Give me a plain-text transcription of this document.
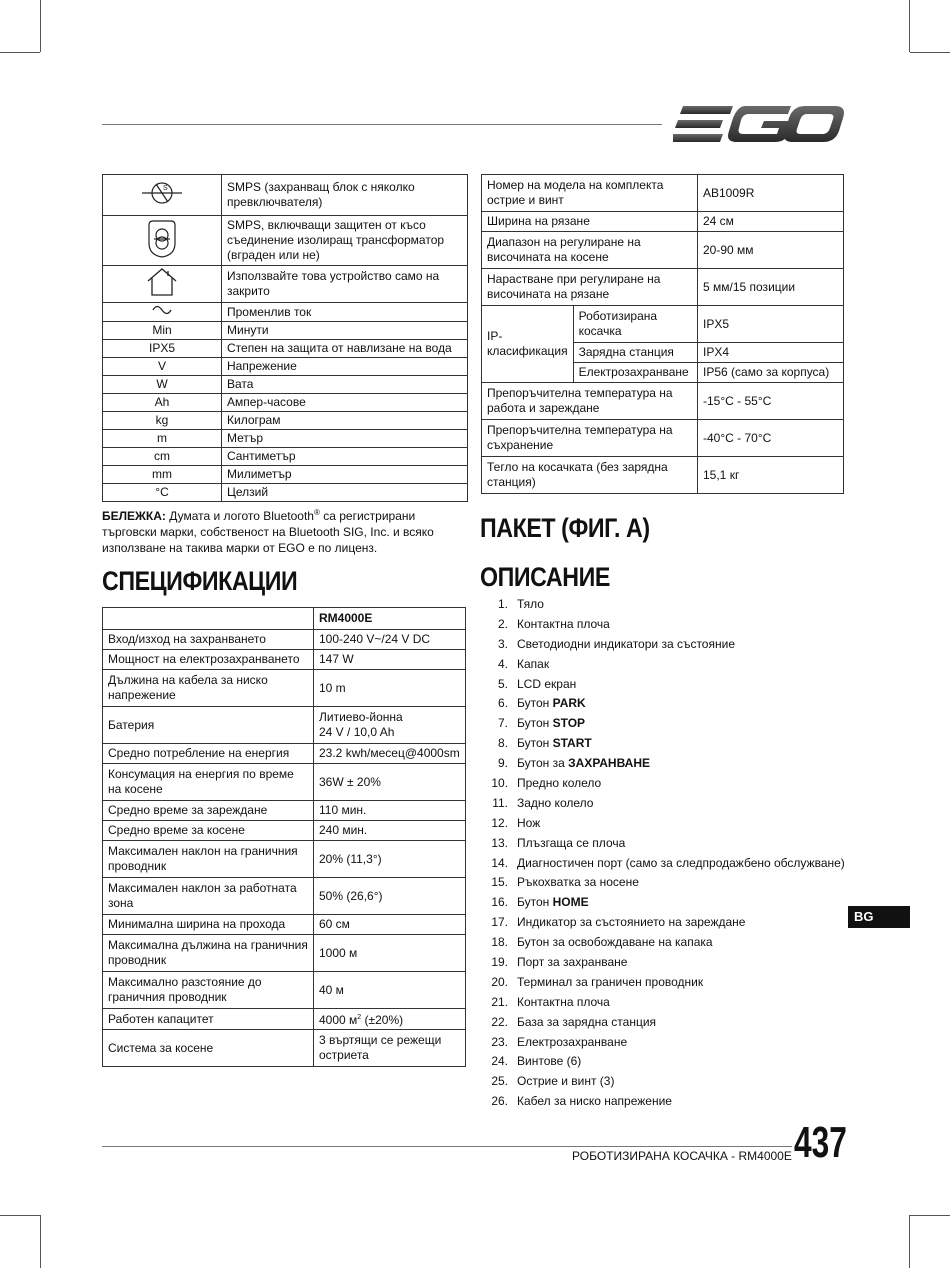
S	SMPS (захранващ блок с няколко превключвателя)

	SMPS, включващи защитен от късо съединение изолиращ трансформатор (вграден или не)

	Използвайте това устройство само на закрито

	Променлив ток
Min	Минути
IPX5	Степен на защита от навлизане на вода
V	Напрежение
W	Вата
Ah	Ампер-часове
kg	Килограм
m	Метър
cm	Сантиметър
mm	Милиметър
°C	Целзий
БЕЛЕЖКА: Думата и логото Bluetooth® са регистрирани търговски марки, собственост на Bluetooth SIG, Inc. и всяко използване на такива марки от EGO е по лиценз.
СПЕЦИФИКАЦИИ
	RM4000E
Вход/изход на захранването	100-240 V~/24 V DC
Мощност на електрозахранването	147 W
Дължина на кабела за ниско напрежение	10 m
Батерия	Литиево-йонна
24 V / 10,0 Ah
Средно потребление на енергия	23.2 kwh/месец@4000sm
Консумация на енергия по време на косене	36W ± 20%
Средно време за зареждане	110 мин.
Средно време за косене	240 мин.
Максимален наклон на граничния проводник	20% (11,3°)
Максимален наклон за работната зона	50% (26,6°)
Минимална ширина на прохода	60 см
Максимална дължина на граничния проводник	1000 м
Максимално разстояние до граничния проводник	40 м
Работен капацитет	4000 $м^2$ (±20%)
Система за косене	3 въртящи се режещи остриета
Номер на модела на комплекта острие и винт		AB1009R
Ширина на рязане		24 см
Диапазон на регулиране на височината на косене		20-90 мм
Нарастване при регулиране на височината на рязане		5 мм/15 позиции
IP-класификация	Роботизирана косачка	IPX5
	Зарядна станция	IPX4
	Електрозахранване	IP56 (само за корпуса)
Препоръчителна температура на работа и зареждане		-15°C - 55°C
Препоръчителна температура на съхранение		-40°C - 70°C
Тегло на косачката (без зарядна станция)		15,1 кг
ПАКЕТ (ФИГ. А)
ОПИСАНИЕ
1. Тяло
2. Контактна плоча
3. Светодиодни индикатори за състояние
4. Капак
5. LCD екран
6. Бутон PARK
7. Бутон STOP
8. Бутон START
9. Бутон за ЗАХРАНВАНЕ
10. Предно колело
11. Задно колело
12. Нож
13. Плъзгаща се плоча
14. Диагностичен порт (само за следпродажбено обслужване)
15. Ръкохватка за носене
16. Бутон HOME
17. Индикатор за състоянието на зареждане
18. Бутон за освобождаване на капака
19. Порт за захранване
20. Терминал за граничен проводник
21. Контактна плоча
22. База за зарядна станция
23. Електрозахранване
24. Винтове (6)
25. Остриe и винт (3)
26. Кабел за ниско напрежение
BG
РОБОТИЗИРАНА КОСАЧКА - RM4000E 437
